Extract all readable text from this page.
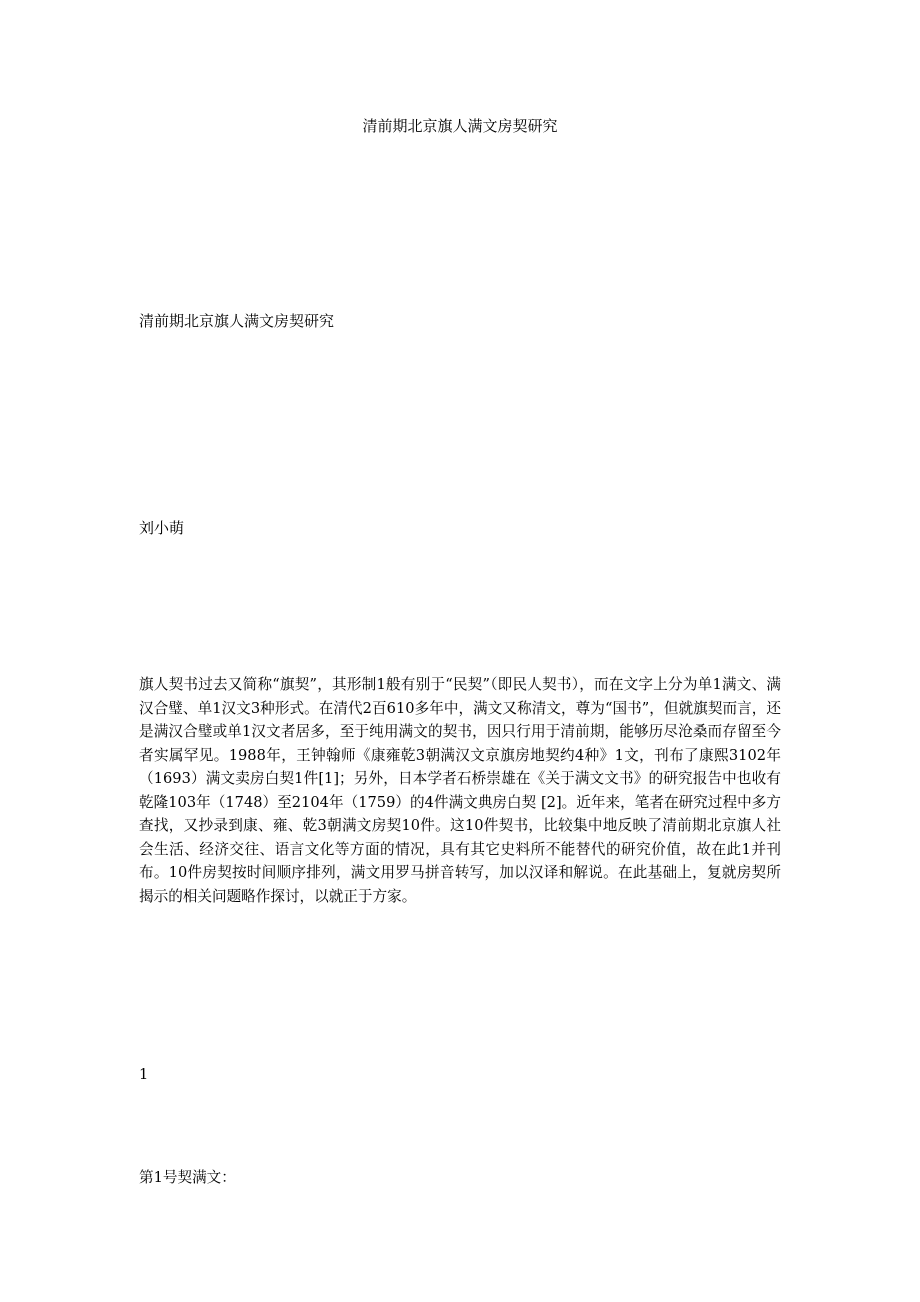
清前期北京旗人满文房契研究
清前期北京旗人满文房契研究
刘小萌

旗人契书过去又简称“旗契”，其形制1般有别于“民契”（即民人契书），而在文字上分为单1满文、满汉合璧、单1汉文3种形式。在清代2百610多年中，满文又称清文，尊为“国书”，但就旗契而言，还是满汉合璧或单1汉文者居多，至于纯用满文的契书，因只行用于清前期，能够历尽沧桑而存留至今者实属罕见。1988年，王钟翰师《康雍乾3朝满汉文京旗房地契约4种》1文，刊布了康熙3102年（1693）满文卖房白契1件[1]；另外，日本学者石桥崇雄在《关于满文文书》的研究报告中也收有乾隆103年（1748）至2104年（1759）的4件满文典房白契 [2]。近年来，笔者在研究过程中多方查找，又抄录到康、雍、乾3朝满文房契10件。这10件契书，比较集中地反映了清前期北京旗人社会生活、经济交往、语言文化等方面的情况，具有其它史料所不能替代的研究价值，故在此1并刊布。10件房契按时间顺序排列，满文用罗马拼音转写，加以汉译和解说。在此基础上，复就房契所揭示的相关问题略作探讨，以就正于方家。

1
第1号契满文：
